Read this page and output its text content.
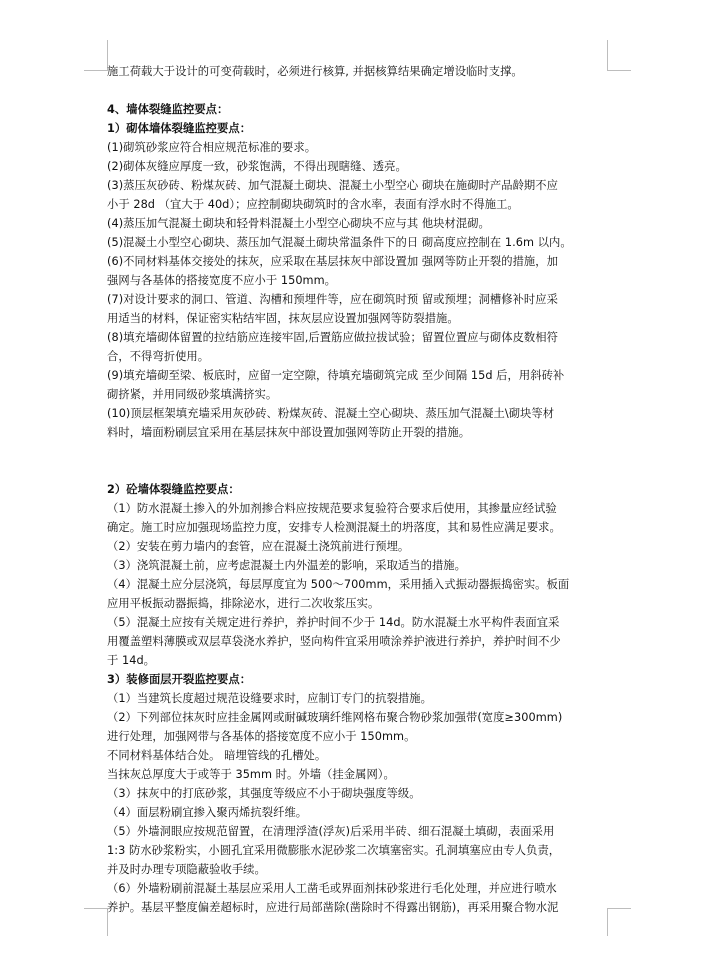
施工荷载大于设计的可变荷载时，必须进行核算, 并据核算结果确定增设临时支撑。
4、墙体裂缝监控要点：
1）砌体墙体裂缝监控要点：
(1)砌筑砂浆应符合相应规范标准的要求。
(2)砌体灰缝应厚度一致，砂浆饱满，不得出现瞎缝、透亮。
(3)蒸压灰砂砖、粉煤灰砖、加气混凝土砌块、混凝土小型空心 砌块在施砌时产品龄期不应
小于 28d （宜大于 40d）；应控制砌块砌筑时的含水率，表面有浮水时不得施工。
(4)蒸压加气混凝土砌块和轻骨料混凝土小型空心砌块不应与其 他块材混砌。
(5)混凝土小型空心砌块、蒸压加气混凝土砌块常温条件下的日 砌高度应控制在 1.6m 以内。
(6)不同材料基体交接处的抹灰，应采取在基层抹灰中部设置加 强网等防止开裂的措施，加
强网与各基体的搭接宽度不应小于 150mm。
(7)对设计要求的洞口、管道、沟槽和预埋件等，应在砌筑时预 留或预埋；洞槽修补时应采
用适当的材料，保证密实粘结牢固，抹灰层应设置加强网等防裂措施。
(8)填充墙砌体留置的拉结筋应连接牢固,后置筋应做拉拔试验；留置位置应与砌体皮数相符
合，不得弯折使用。
(9)填充墙砌至梁、板底时，应留一定空隙，待填充墙砌筑完成 至少间隔 15d 后，用斜砖补
砌挤紧，并用同级砂浆填满挤实。
(10)顶层框架填充墙采用灰砂砖、粉煤灰砖、混凝土空心砌块、蒸压加气混凝土\砌块等材
料时，墙面粉刷层宜采用在基层抹灰中部设置加强网等防止开裂的措施。
2）砼墙体裂缝监控要点：
（1）防水混凝土掺入的外加剂掺合料应按规范要求复验符合要求后使用，其掺量应经试验
确定。施工时应加强现场监控力度，安排专人检测混凝土的坍落度，其和易性应满足要求。
（2）安装在剪力墙内的套管，应在混凝土浇筑前进行预埋。
（3）浇筑混凝土前，应考虑混凝土内外温差的影响，采取适当的措施。
（4）混凝土应分层浇筑，每层厚度宜为 500～700mm，采用插入式振动器振捣密实。板面
应用平板振动器振捣，排除泌水，进行二次收浆压实。
（5）混凝土应按有关规定进行养护，养护时间不少于 14d。防水混凝土水平构件表面宜采
用覆盖塑料薄膜或双层草袋浇水养护，竖向构件宜采用喷涂养护液进行养护，养护时间不少
于 14d。
3）装修面层开裂监控要点：
（1）当建筑长度超过规范设缝要求时，应制订专门的抗裂措施。
（2）下列部位抹灰时应挂金属网或耐碱玻璃纤维网格布聚合物砂浆加强带(宽度≥300mm)
进行处理，加强网带与各基体的搭接宽度不应小于 150mm。
不同材料基体结合处。 暗埋管线的孔槽处。
当抹灰总厚度大于或等于 35mm 时。外墙（挂金属网）。
（3）抹灰中的打底砂浆，其强度等级应不小于砌块强度等级。
（4）面层粉刷宜掺入聚丙烯抗裂纤维。
（5）外墙洞眼应按规范留置，在清理浮渣(浮灰)后采用半砖、细石混凝土填砌，表面采用
1:3 防水砂浆粉实，小圆孔宜采用微膨胀水泥砂浆二次填塞密实。孔洞填塞应由专人负责，
并及时办理专项隐蔽验收手续。
（6）外墙粉刷前混凝土基层应采用人工凿毛或界面剂抹砂浆进行毛化处理，并应进行喷水
养护。基层平整度偏差超标时，应进行局部凿除(凿除时不得露出钢筋)，再采用聚合物水泥
